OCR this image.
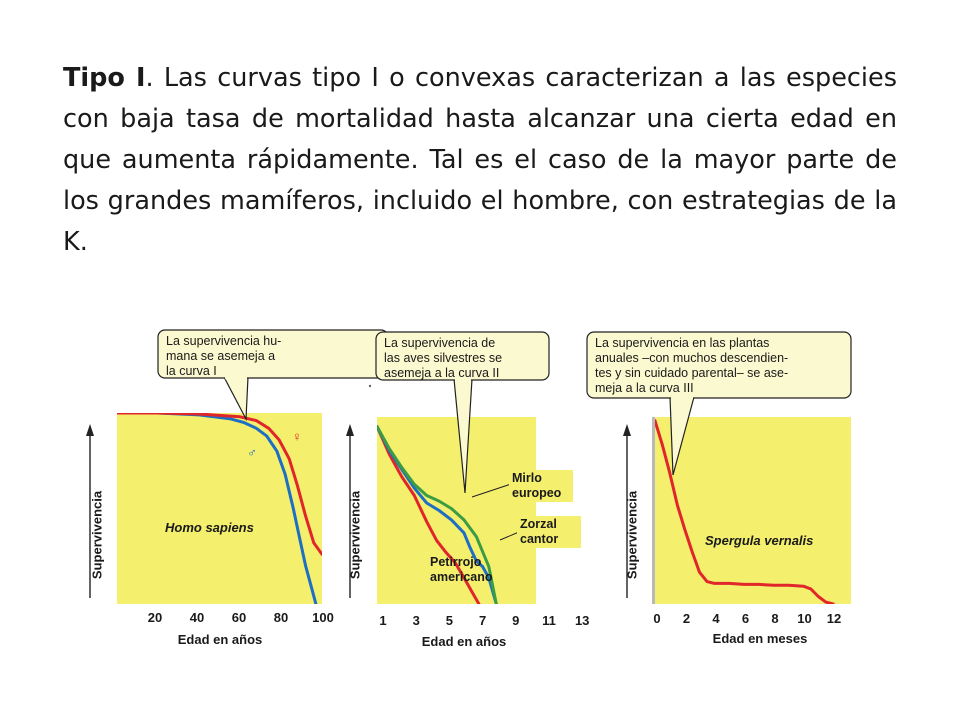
Tipo I. Las curvas tipo I o convexas caracterizan a las especies con baja tasa de mortalidad hasta alcanzar una cierta edad en que aumenta rápidamente. Tal es el caso de la mayor parte de los grandes mamíferos, incluido el hombre, con estrategias de la K.

Supervivencia
20 40 60 80 100
Edad en años
La supervivencia hu-
mana se asemeja a
la curva I
Homo sapiens
♂
♀
Supervivencia
1 3 5 7 9 11 13
Edad en años
La supervivencia de
las aves silvestres se
asemeja a la curva II
Mirlo
europeo
Zorzal
cantor
Petirrojo
americano	Supervivencia
0 2 4 6 8 10 12
Edad en meses
La supervivencia en las plantas
anuales –con muchos descendien-
tes y sin cuidado parental– se ase-
meja a la curva III
Spergula vernalis
